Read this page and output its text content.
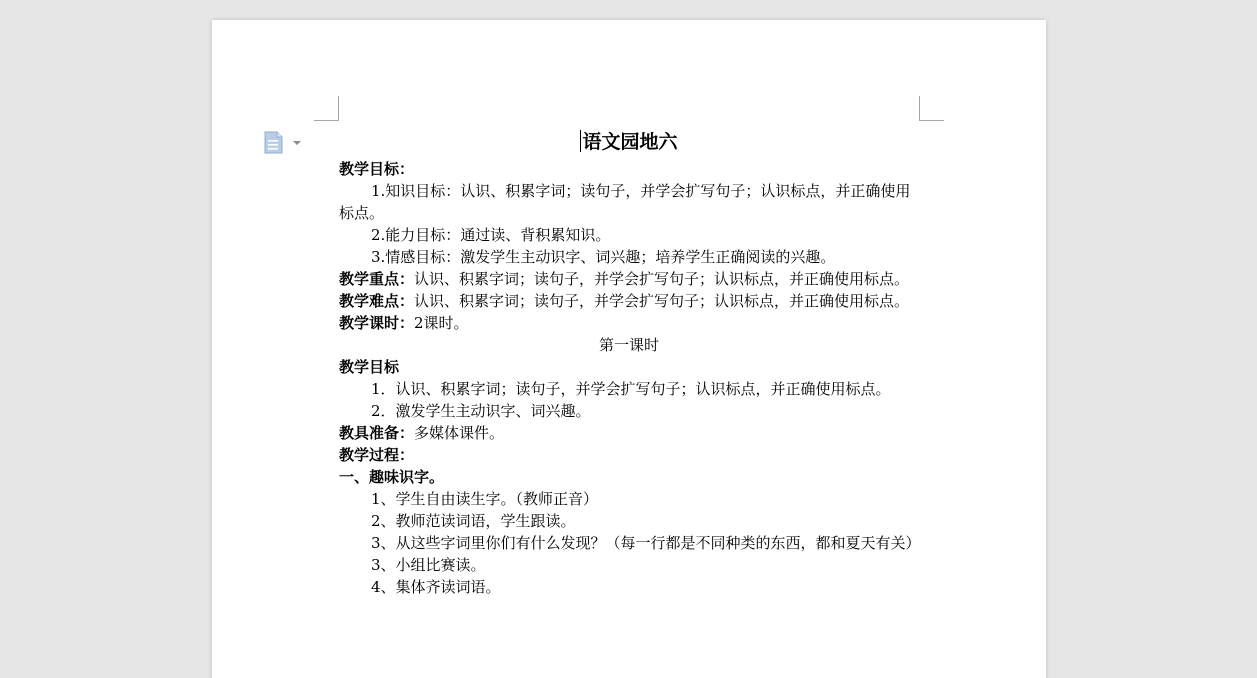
语文园地六

教学目标：

1.知识目标：认识、积累字词；读句子，并学会扩写句子；认识标点，并正确使用标点。

2.能力目标：通过读、背积累知识。

3.情感目标：激发学生主动识字、词兴趣；培养学生正确阅读的兴趣。

教学重点：认识、积累字词；读句子，并学会扩写句子；认识标点，并正确使用标点。

教学难点：认识、积累字词；读句子，并学会扩写句子；认识标点，并正确使用标点。

教学课时：2课时。

第一课时

教学目标

1．认识、积累字词；读句子，并学会扩写句子；认识标点，并正确使用标点。

2．激发学生主动识字、词兴趣。

教具准备：多媒体课件。

教学过程：

一、趣味识字。

1、学生自由读生字。（教师正音）

2、教师范读词语，学生跟读。

3、从这些字词里你们有什么发现？（每一行都是不同种类的东西，都和夏天有关）

3、小组比赛读。

4、集体齐读词语。
